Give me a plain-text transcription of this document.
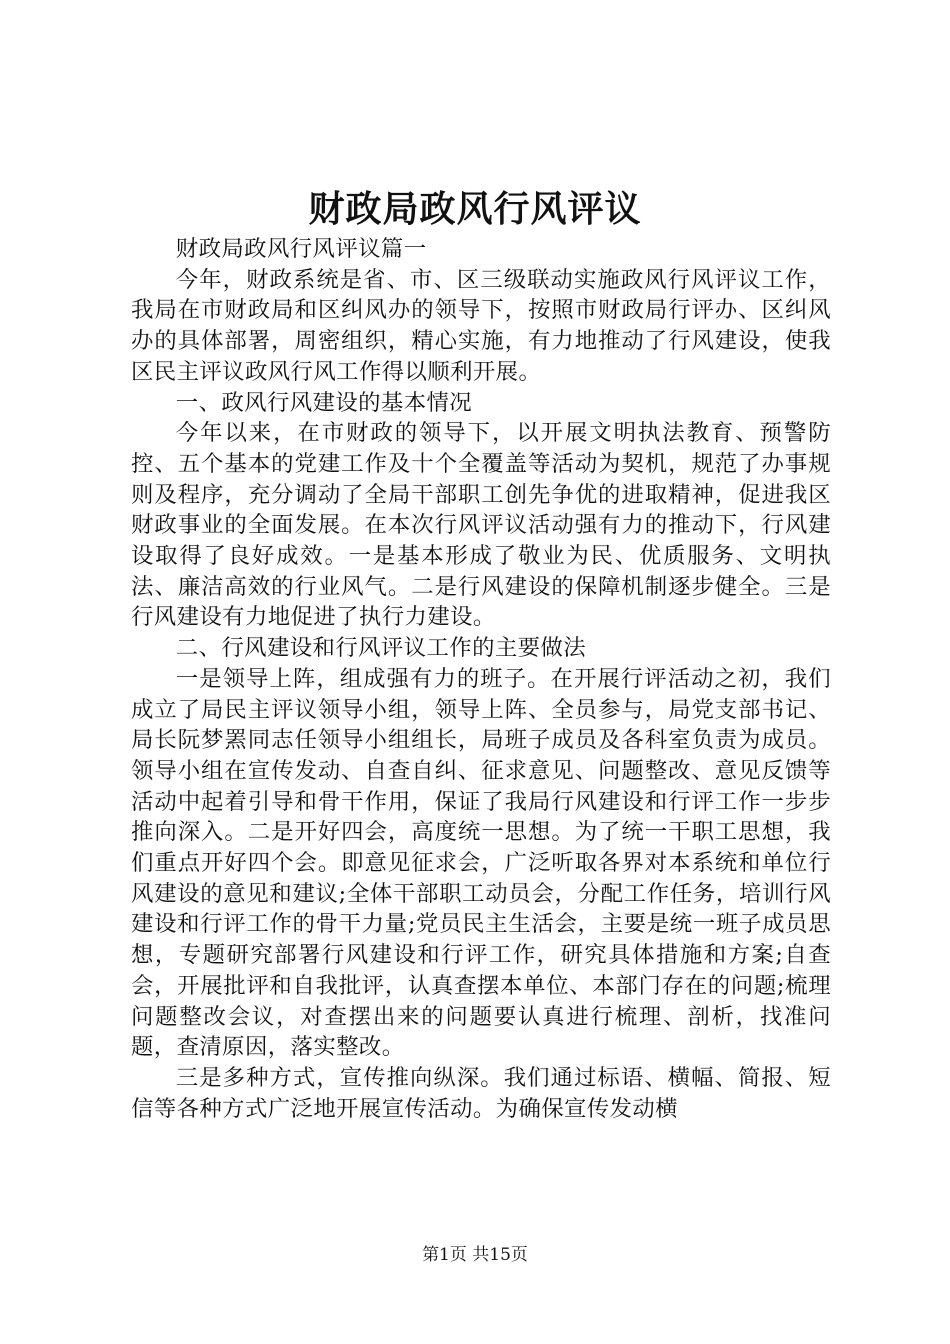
财政局政风行风评议

财政局政风行风评议篇一

今年，财政系统是省、市、区三级联动实施政风行风评议工作，我局在市财政局和区纠风办的领导下，按照市财政局行评办、区纠风办的具体部署，周密组织，精心实施，有力地推动了行风建设，使我区民主评议政风行风工作得以顺利开展。

一、政风行风建设的基本情况

今年以来，在市财政的领导下，以开展文明执法教育、预警防控、五个基本的党建工作及十个全覆盖等活动为契机，规范了办事规则及程序，充分调动了全局干部职工创先争优的进取精神，促进我区财政事业的全面发展。在本次行风评议活动强有力的推动下，行风建设取得了良好成效。一是基本形成了敬业为民、优质服务、文明执法、廉洁高效的行业风气。二是行风建设的保障机制逐步健全。三是行风建设有力地促进了执行力建设。

二、行风建设和行风评议工作的主要做法

一是领导上阵，组成强有力的班子。在开展行评活动之初，我们成立了局民主评议领导小组，领导上阵、全员参与，局党支部书记、局长阮梦罴同志任领导小组组长，局班子成员及各科室负责为成员。领导小组在宣传发动、自查自纠、征求意见、问题整改、意见反馈等活动中起着引导和骨干作用，保证了我局行风建设和行评工作一步步推向深入。二是开好四会，高度统一思想。为了统一干职工思想，我们重点开好四个会。即意见征求会，广泛听取各界对本系统和单位行风建设的意见和建议;全体干部职工动员会，分配工作任务，培训行风建设和行评工作的骨干力量;党员民主生活会，主要是统一班子成员思想，专题研究部署行风建设和行评工作，研究具体措施和方案;自查会，开展批评和自我批评，认真查摆本单位、本部门存在的问题;梳理问题整改会议，对查摆出来的问题要认真进行梳理、剖析，找准问题，查清原因，落实整改。

三是多种方式，宣传推向纵深。我们通过标语、横幅、简报、短信等各种方式广泛地开展宣传活动。为确保宣传发动横

第1页 共15页
